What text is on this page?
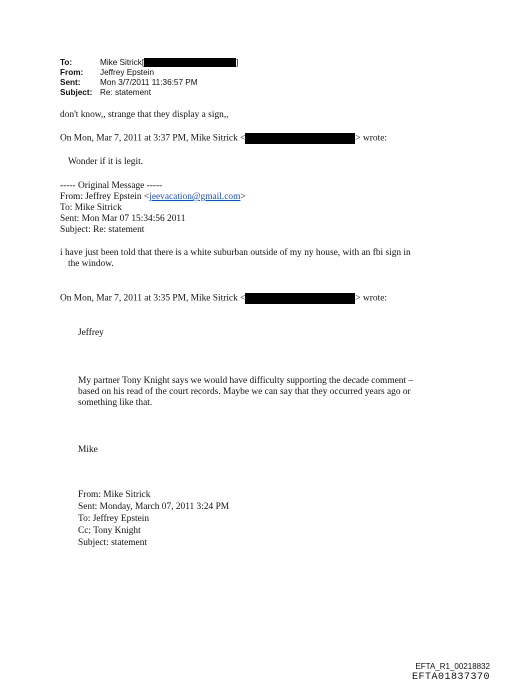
To:	Mike Sitrick[	]
From:	Jeffrey Epstein
Sent:	Mon 3/7/2011 11:36:57 PM
Subject: Re: statement
don't know,, strange that they display a sign,,
On Mon, Mar 7, 2011 at 3:37 PM, Mike Sitrick <	> wrote:
Wonder if it is legit.
----- Original Message -----
From: Jeffrey Epstein <jeevacation@gmail.com>
To: Mike Sitrick
Sent: Mon Mar 07 15:34:56 2011
Subject: Re: statement
i have just been told that there is a white suburban outside of my ny house, with an fbi sign in
the window.
On Mon, Mar 7, 2011 at 3:35 PM, Mike Sitrick <	> wrote:
Jeffrey
My partner Tony Knight says we would have difficulty supporting the decade comment –
based on his read of the court records. Maybe we can say that they occurred years ago or
something like that.
Mike
From: Mike Sitrick
Sent: Monday, March 07, 2011 3:24 PM
To: Jeffrey Epstein
Cc: Tony Knight
Subject: statement
EFTA_R1_00218832
EFTA01837370
